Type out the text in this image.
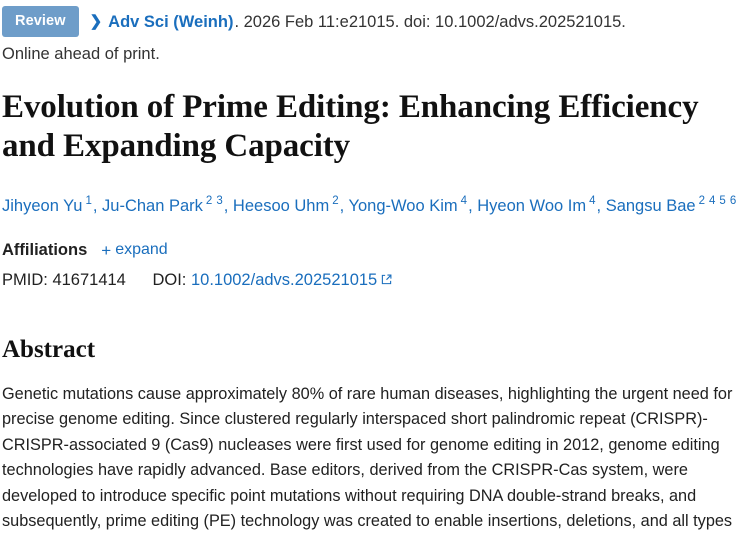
Review	❯ Adv Sci (Weinh) . 2026 Feb 11:e21015. doi: 10.1002/advs.202521015.
Online ahead of print.
Evolution of Prime Editing: Enhancing Efficiency and Expanding Capacity
Jihyeon Yu $^1$, Ju-Chan Park $^2$ $^3$, Heesoo Uhm $^2$, Yong-Woo Kim $^4$, Hyeon Woo Im $^4$, Sangsu Bae $^2$ $^4$ $^5$ $^6$
Affiliations + expand
PMID: 41671414 DOI: 10.1002/advs.202521015
Abstract
Genetic mutations cause approximately 80% of rare human diseases, highlighting the urgent need for precise genome editing. Since clustered regularly interspaced short palindromic repeat (CRISPR)-CRISPR-associated 9 (Cas9) nucleases were first used for genome editing in 2012, genome editing technologies have rapidly advanced. Base editors, derived from the CRISPR-Cas system, were developed to introduce specific point mutations without requiring DNA double-strand breaks, and subsequently, prime editing (PE) technology was created to enable insertions, deletions, and all types
